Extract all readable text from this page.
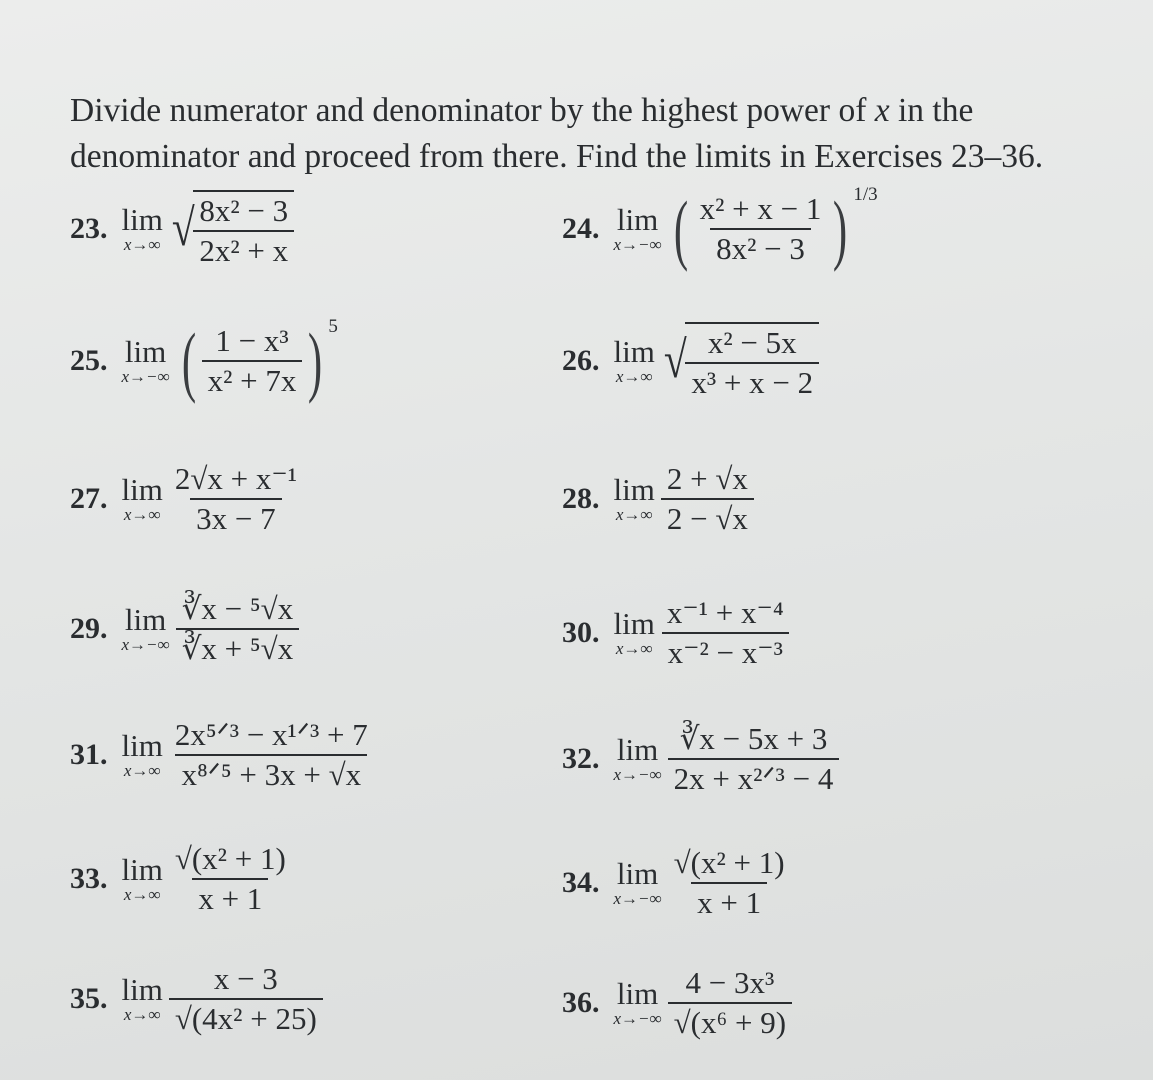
Divide numerator and denominator by the highest power of x in the
denominator and proceed from there. Find the limits in Exercises 23–36.
23. lim
x→∞ √
$\frac{\text{8x² − 3}}{\text{2x² + x}}$	24. lim
x→−∞ ( $\frac{\text{x² + x − 1}}{\text{8x² − 3}}$ ) 1/3
25. lim
x→−∞ ( $\frac{\text{1 − x³}}{\text{x² + 7x}}$ ) 5
26. lim
x→∞ √
$\frac{\text{x² − 5x}}{\text{x³ + x − 2}}$
27. lim
$x\to\infty \frac{\text{2√x + x⁻¹}}{3x - 7}$	28. lim
$x\to\infty \frac{2 + √x}{2 - √x}$
29. lim
$x\to-\infty \frac{\text{∛x − ⁵√x}}{\text{∛x + ⁵√x}}$	30. lim
$x\to\infty \frac{\text{x⁻¹ + x⁻⁴}}{\text{x⁻² − x⁻³}}$
31. lim
$x\to\infty \frac{\text{2x⁵ᐟ³ − x¹ᐟ³ + 7}}{\text{x⁸ᐟ⁵ + 3x + √x}}$	32. lim
$x\to-\infty \frac{∛x - 5x + 3}{\text{2x + x²ᐟ³ − 4}}$
33. lim
$x\to\infty \frac{\text{√(x² + 1)}}{x + 1}$	34. lim
$x\to-\infty \frac{\text{√(x² + 1)}}{x + 1}$
35. lim
$x\to\infty \frac{x - 3}{\text{√(4x² + 25)}}$	36. lim
$x\to-\infty \frac{\text{4 − 3x³}}{\text{√(x⁶ + 9)}}$
